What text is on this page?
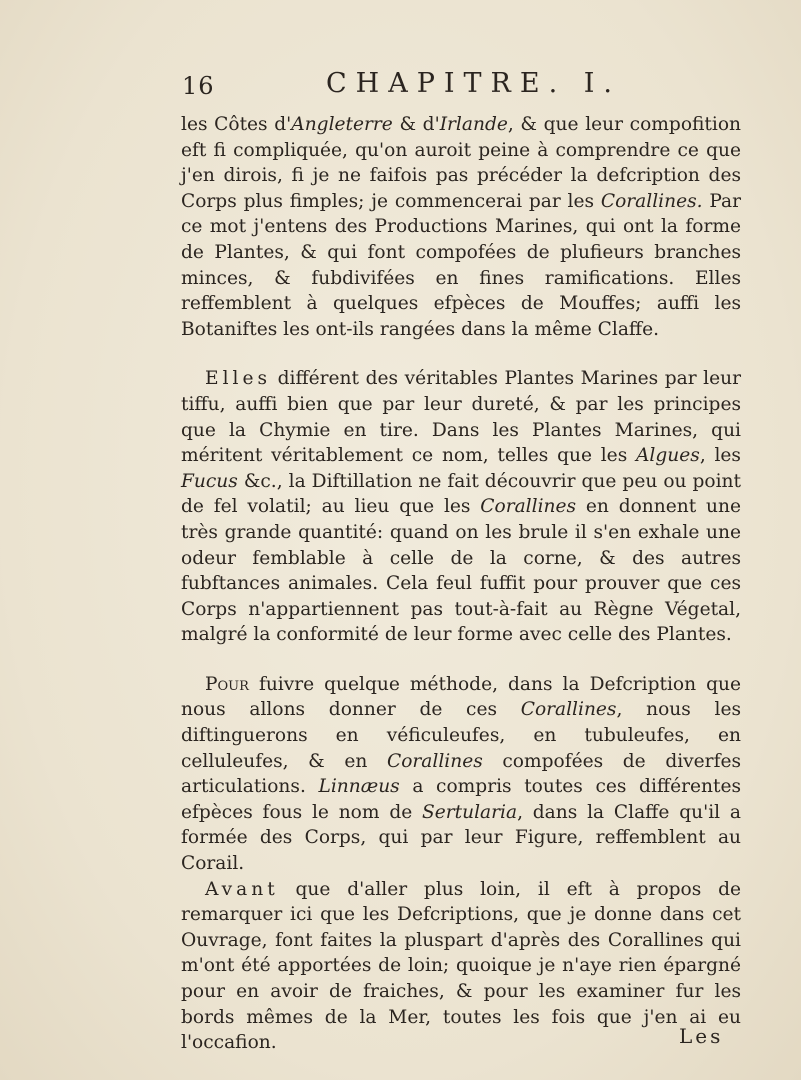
16	CHAPITRE. I.

les Côtes d'Angleterre & d'Irlande, & que leur compofition eft fi compliquée, qu'on auroit peine à comprendre ce que j'en dirois, fi je ne faifois pas précéder la defcription des Corps plus fimples; je commencerai par les Corallines. Par ce mot j'entens des Productions Marines, qui ont la forme de Plantes, & qui font compofées de plufieurs branches minces, & fubdivifées en fines ramifications. Elles reffemblent à quelques efpèces de Mouffes; auffi les Botaniftes les ont-ils rangées dans la même Claffe.

Elles différent des véritables Plantes Marines par leur tiffu, auffi bien que par leur dureté, & par les principes que la Chymie en tire. Dans les Plantes Marines, qui méritent véritablement ce nom, telles que les Algues, les Fucus &c., la Diftillation ne fait découvrir que peu ou point de fel volatil; au lieu que les Corallines en donnent une très grande quantité: quand on les brule il s'en exhale une odeur femblable à celle de la corne, & des autres fubftances animales. Cela feul fuffit pour prouver que ces Corps n'appartiennent pas tout-à-fait au Règne Végetal, malgré la conformité de leur forme avec celle des Plantes.

Pour fuivre quelque méthode, dans la Defcription que nous allons donner de ces Corallines, nous les diftinguerons en véficuleufes, en tubuleufes, en celluleufes, & en Corallines compofées de diverfes articulations. Linnæus a compris toutes ces différentes efpèces fous le nom de Sertularia, dans la Claffe qu'il a formée des Corps, qui par leur Figure, reffemblent au Corail.

Avant que d'aller plus loin, il eft à propos de remarquer ici que les Defcriptions, que je donne dans cet Ouvrage, font faites la pluspart d'après des Corallines qui m'ont été apportées de loin; quoique je n'aye rien épargné pour en avoir de fraiches, & pour les examiner fur les bords mêmes de la Mer, toutes les fois que j'en ai eu l'occafion.	Les
